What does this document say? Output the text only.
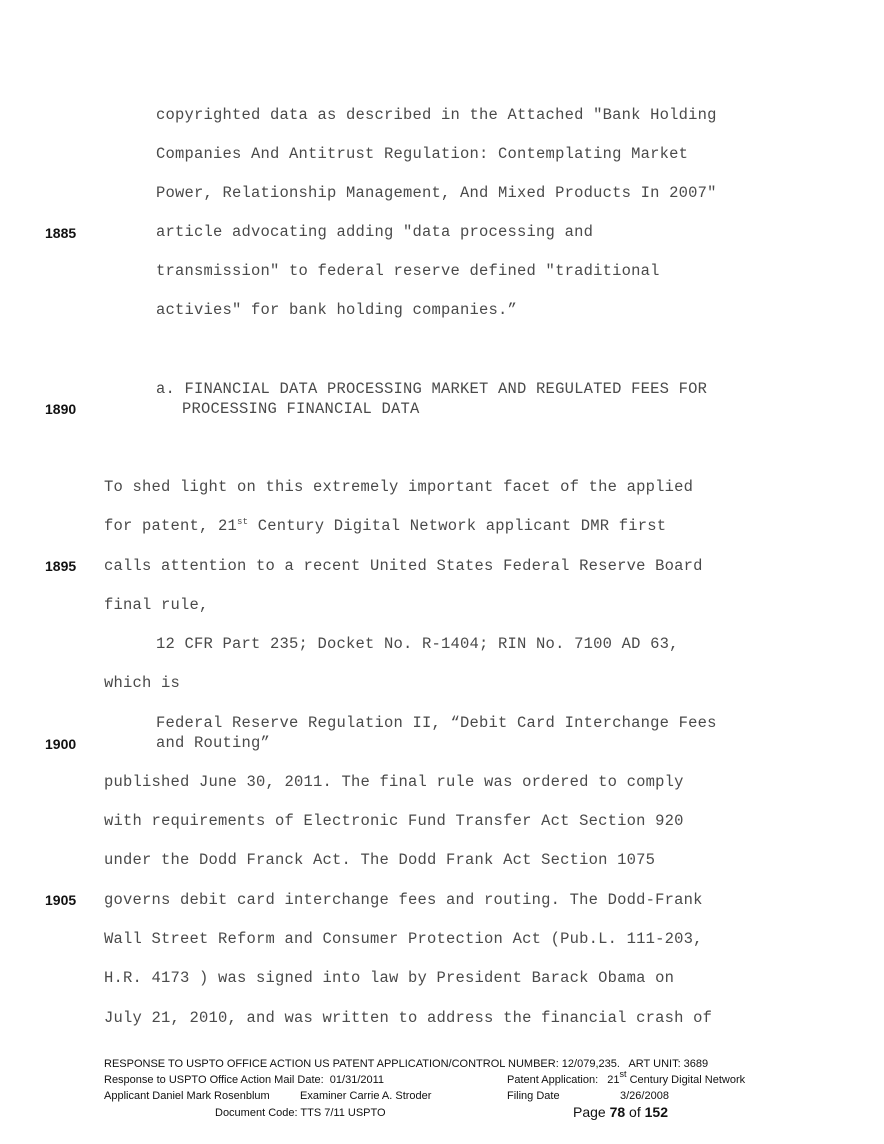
1885
1890
1895
1900
1905
copyrighted data as described in the Attached "Bank Holding
Companies And Antitrust Regulation: Contemplating Market
Power, Relationship Management, And Mixed Products In 2007"
article advocating adding "data processing and
transmission" to federal reserve defined "traditional
activies" for bank holding companies.”
a. FINANCIAL DATA PROCESSING MARKET AND REGULATED FEES FOR
PROCESSING FINANCIAL DATA
To shed light on this extremely important facet of the applied
for patent, 21st Century Digital Network applicant DMR first
calls attention to a recent United States Federal Reserve Board
final rule,
12 CFR Part 235; Docket No. R-1404; RIN No. 7100 AD 63,
which is
Federal Reserve Regulation II, “Debit Card Interchange Fees
and Routing”
published June 30, 2011. The final rule was ordered to comply
with requirements of Electronic Fund Transfer Act Section 920
under the Dodd Franck Act. The Dodd Frank Act Section 1075
governs debit card interchange fees and routing. The Dodd-Frank
Wall Street Reform and Consumer Protection Act (Pub.L. 111-203,
H.R. 4173 ) was signed into law by President Barack Obama on
July 21, 2010, and was written to address the financial crash of
RESPONSE TO USPTO OFFICE ACTION US PATENT APPLICATION/CONTROL NUMBER: 12/079,235.   ART UNIT: 3689
Response to USPTO Office Action Mail Date:  01/31/2011	Patent Application:   21st Century Digital Network
Applicant Daniel Mark Rosenblum	Examiner Carrie A. Stroder	Filing Date	3/26/2008
Document Code: TTS 7/11 USPTO	Page 78 of 152
